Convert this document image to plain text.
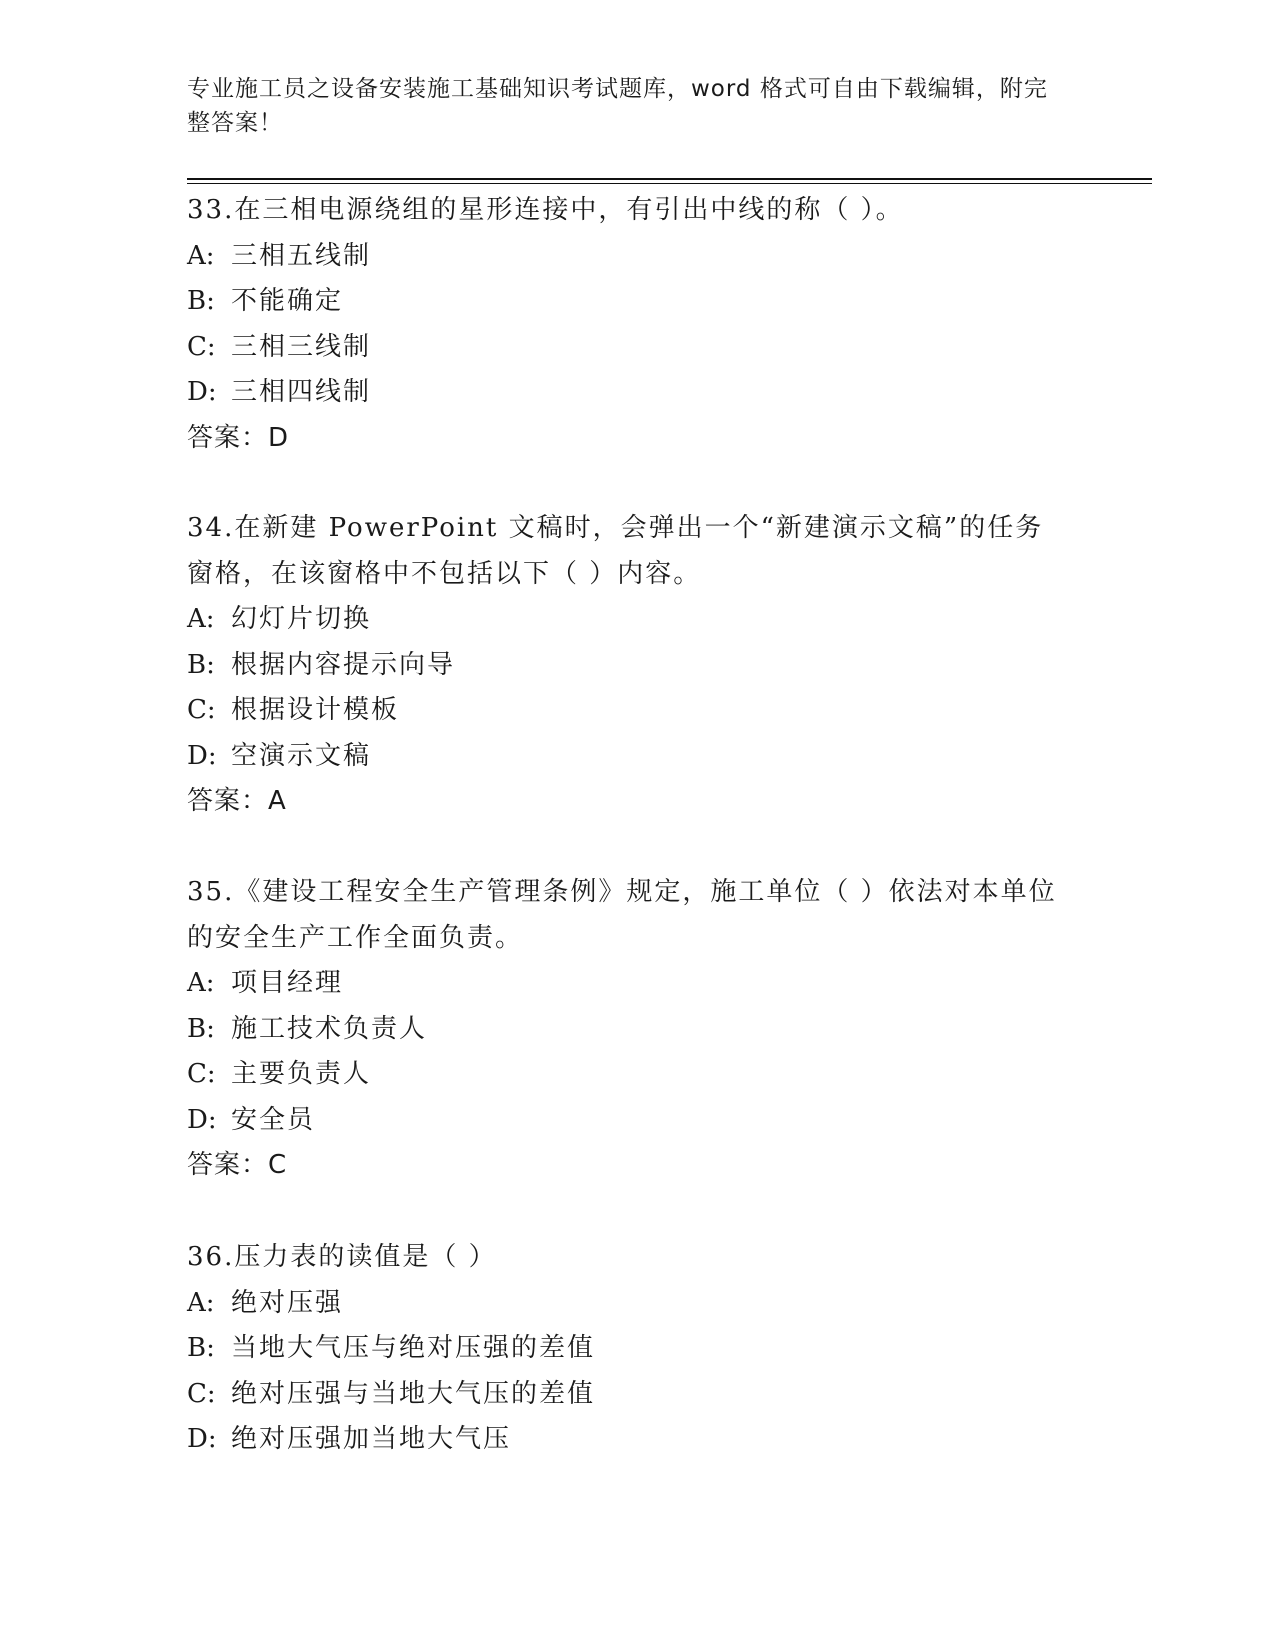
专业施工员之设备安装施工基础知识考试题库，word 格式可自由下载编辑，附完
整答案！

33.在三相电源绕组的星形连接中，有引出中线的称（ ）。

A: 三相五线制

B: 不能确定

C: 三相三线制

D: 三相四线制

答案：D

34.在新建 PowerPoint 文稿时，会弹出一个“新建演示文稿”的任务窗格，在该窗格中不包括以下（ ）内容。

A: 幻灯片切换

B: 根据内容提示向导

C: 根据设计模板

D: 空演示文稿

答案：A

35.《建设工程安全生产管理条例》规定，施工单位（ ）依法对本单位的安全生产工作全面负责。

A: 项目经理

B: 施工技术负责人

C: 主要负责人

D: 安全员

答案：C

36.压力表的读值是（ ）

A: 绝对压强

B: 当地大气压与绝对压强的差值

C: 绝对压强与当地大气压的差值

D: 绝对压强加当地大气压
